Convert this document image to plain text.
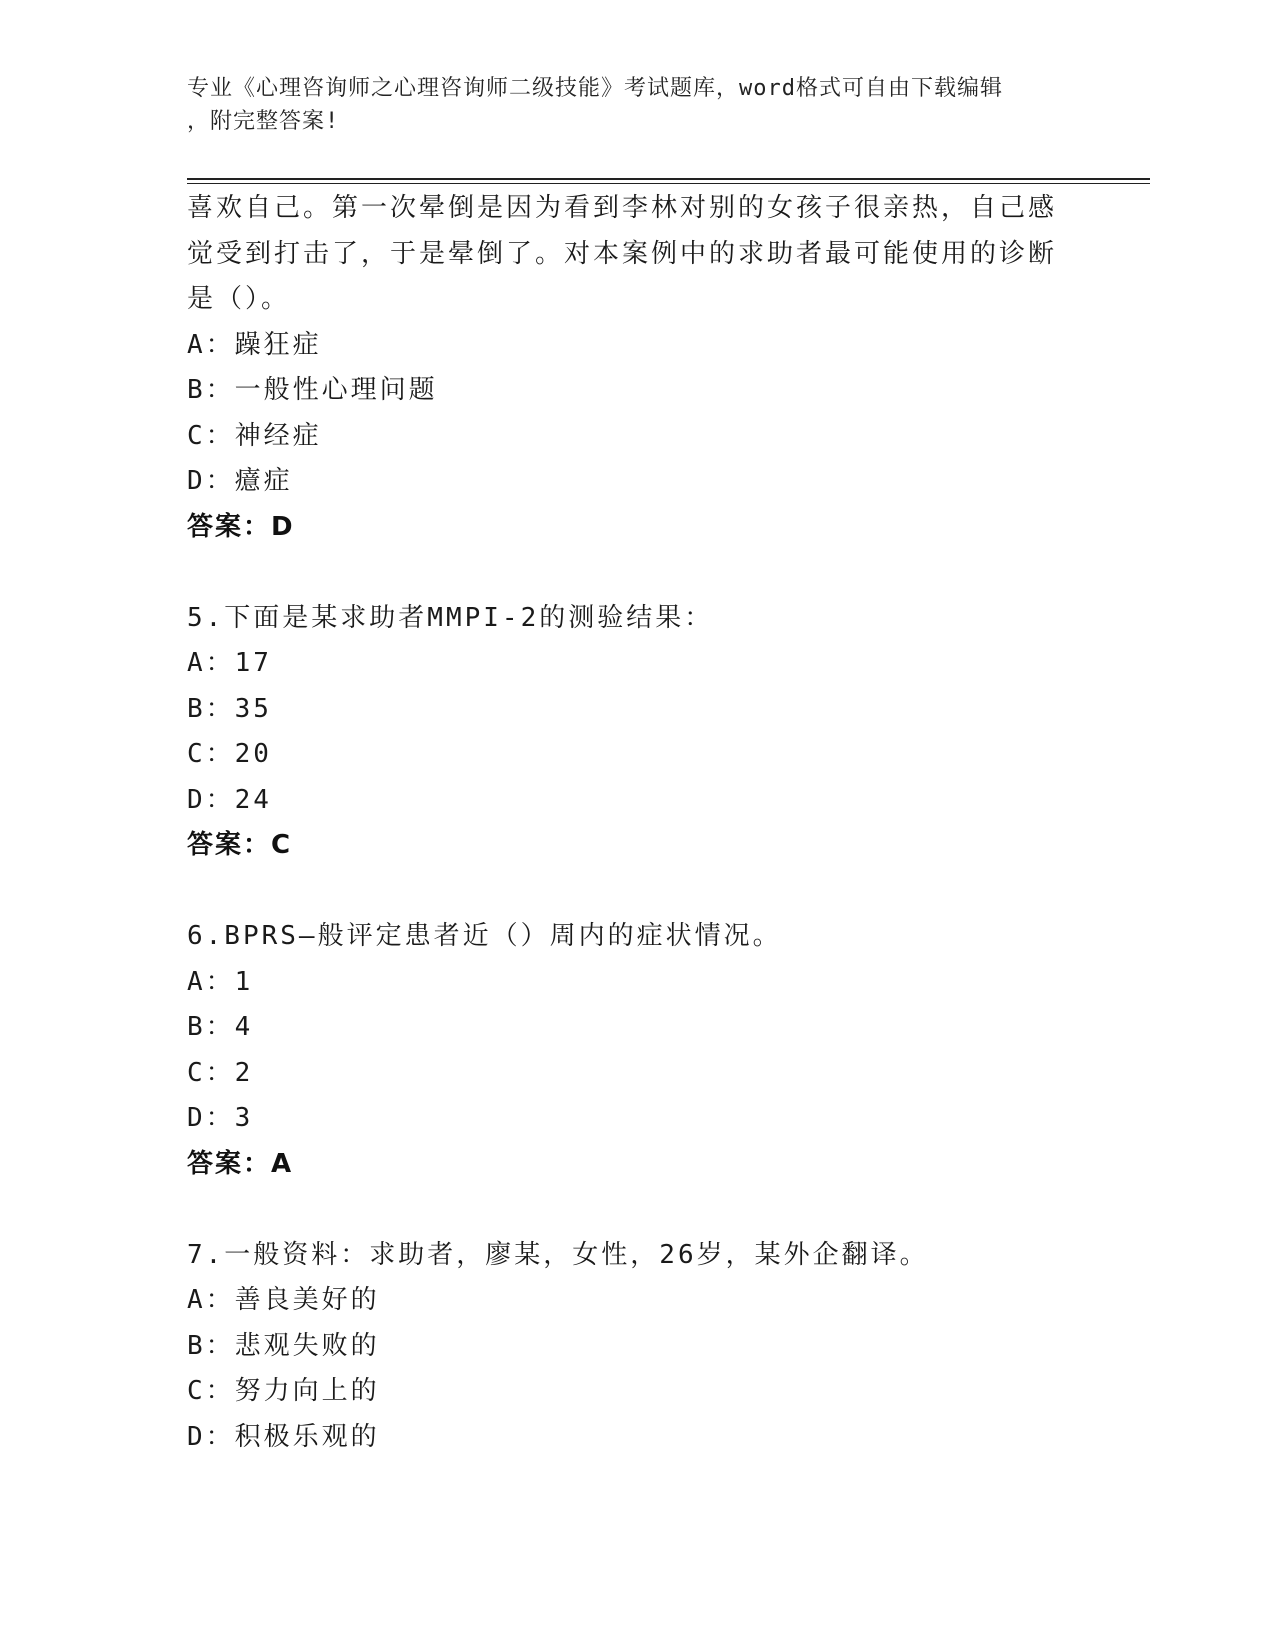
专业《心理咨询师之心理咨询师二级技能》考试题库，word格式可自由下载编辑
，附完整答案!
喜欢自己。第一次晕倒是因为看到李林对别的女孩子很亲热，自己感
觉受到打击了，于是晕倒了。对本案例中的求助者最可能使用的诊断
是（）。
A：躁狂症
B：一般性心理问题
C：神经症
D：癔症
答案：D
5.下面是某求助者MMPI-2的测验结果：
A：17
B：35
C：20
D：24
答案：C
6.BPRS—般评定患者近（）周内的症状情况。
A：1
B：4
C：2
D：3
答案：A
7.一般资料：求助者，廖某，女性，26岁，某外企翻译。
A：善良美好的
B：悲观失败的
C：努力向上的
D：积极乐观的
